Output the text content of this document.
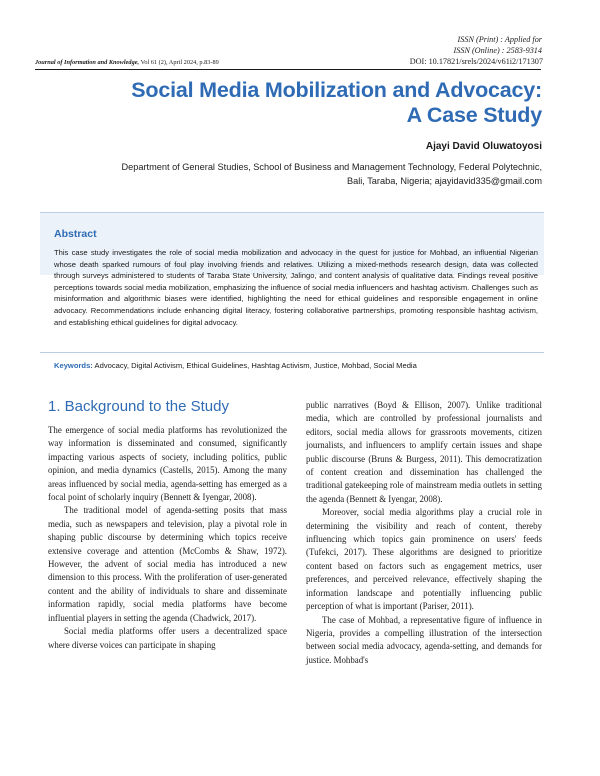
ISSN (Print) : Applied for
ISSN (Online) : 2583-9314
Journal of Information and Knowledge, Vol 61 (2), April 2024, p.83-89	DOI: 10.17821/srels/2024/v61i2/171307
Social Media Mobilization and Advocacy:
A Case Study
Ajayi David Oluwatoyosi
Department of General Studies, School of Business and Management Technology, Federal Polytechnic,
Bali, Taraba, Nigeria; ajayidavid335@gmail.com
Abstract
This case study investigates the role of social media mobilization and advocacy in the quest for justice for Mohbad, an influential Nigerian whose death sparked rumours of foul play involving friends and relatives. Utilizing a mixed-methods research design, data was collected through surveys administered to students of Taraba State University, Jalingo, and content analysis of qualitative data. Findings reveal positive perceptions towards social media mobilization, emphasizing the influence of social media influencers and hashtag activism. Challenges such as misinformation and algorithmic biases were identified, highlighting the need for ethical guidelines and responsible engagement in online advocacy. Recommendations include enhancing digital literacy, fostering collaborative partnerships, promoting responsible hashtag activism, and establishing ethical guidelines for digital advocacy.
Keywords: Advocacy, Digital Activism, Ethical Guidelines, Hashtag Activism, Justice, Mohbad, Social Media
1. Background to the Study

The emergence of social media platforms has revolutionized the way information is disseminated and consumed, significantly impacting various aspects of society, including politics, public opinion, and media dynamics (Castells, 2015). Among the many areas influenced by social media, agenda-setting has emerged as a focal point of scholarly inquiry (Bennett & Iyengar, 2008).

The traditional model of agenda-setting posits that mass media, such as newspapers and television, play a pivotal role in shaping public discourse by determining which topics receive extensive coverage and attention (McCombs & Shaw, 1972). However, the advent of social media has introduced a new dimension to this process. With the proliferation of user-generated content and the ability of individuals to share and disseminate information rapidly, social media platforms have become influential players in setting the agenda (Chadwick, 2017).

Social media platforms offer users a decentralized space where diverse voices can participate in shaping

public narratives (Boyd & Ellison, 2007). Unlike traditional media, which are controlled by professional journalists and editors, social media allows for grassroots movements, citizen journalists, and influencers to amplify certain issues and shape public discourse (Bruns & Burgess, 2011). This democratization of content creation and dissemination has challenged the traditional gatekeeping role of mainstream media outlets in setting the agenda (Bennett & Iyengar, 2008).

Moreover, social media algorithms play a crucial role in determining the visibility and reach of content, thereby influencing which topics gain prominence on users' feeds (Tufekci, 2017). These algorithms are designed to prioritize content based on factors such as engagement metrics, user preferences, and perceived relevance, effectively shaping the information landscape and potentially influencing public perception of what is important (Pariser, 2011).

The case of Mohbad, a representative figure of influence in Nigeria, provides a compelling illustration of the intersection between social media advocacy, agenda-setting, and demands for justice. Mohbad's
